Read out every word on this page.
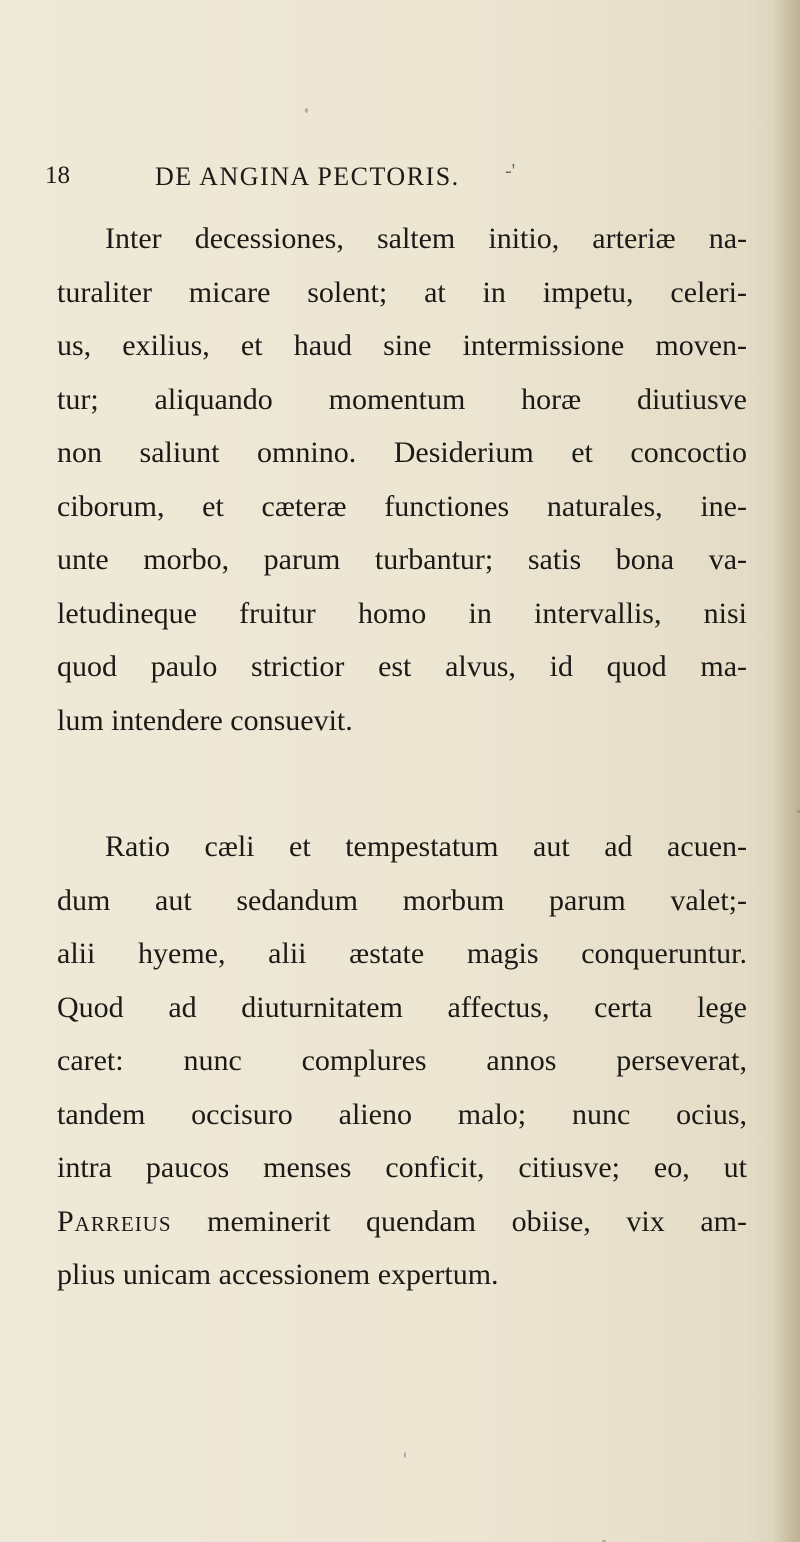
18	DE ANGINA PECTORIS. -'
Inter decessiones, saltem initio, arteriæ na-
turaliter micare solent; at in impetu, celeri-
us, exilius, et haud sine intermissione moven-
tur; aliquando momentum horæ diutiusve
non saliunt omnino. Desiderium et concoctio
ciborum, et cæteræ functiones naturales, ine-
unte morbo, parum turbantur; satis bona va-
letudineque fruitur homo in intervallis, nisi
quod paulo strictior est alvus, id quod ma-
lum intendere consuevit.
Ratio cæli et tempestatum aut ad acuen-
dum aut sedandum morbum parum valet;-
alii hyeme, alii æstate magis conqueruntur.
Quod ad diuturnitatem affectus, certa lege
caret: nunc complures annos perseverat,
tandem occisuro alieno malo; nunc ocius,
intra paucos menses conficit, citiusve; eo, ut
Parreius meminerit quendam obiise, vix am-
plius unicam accessionem expertum.
